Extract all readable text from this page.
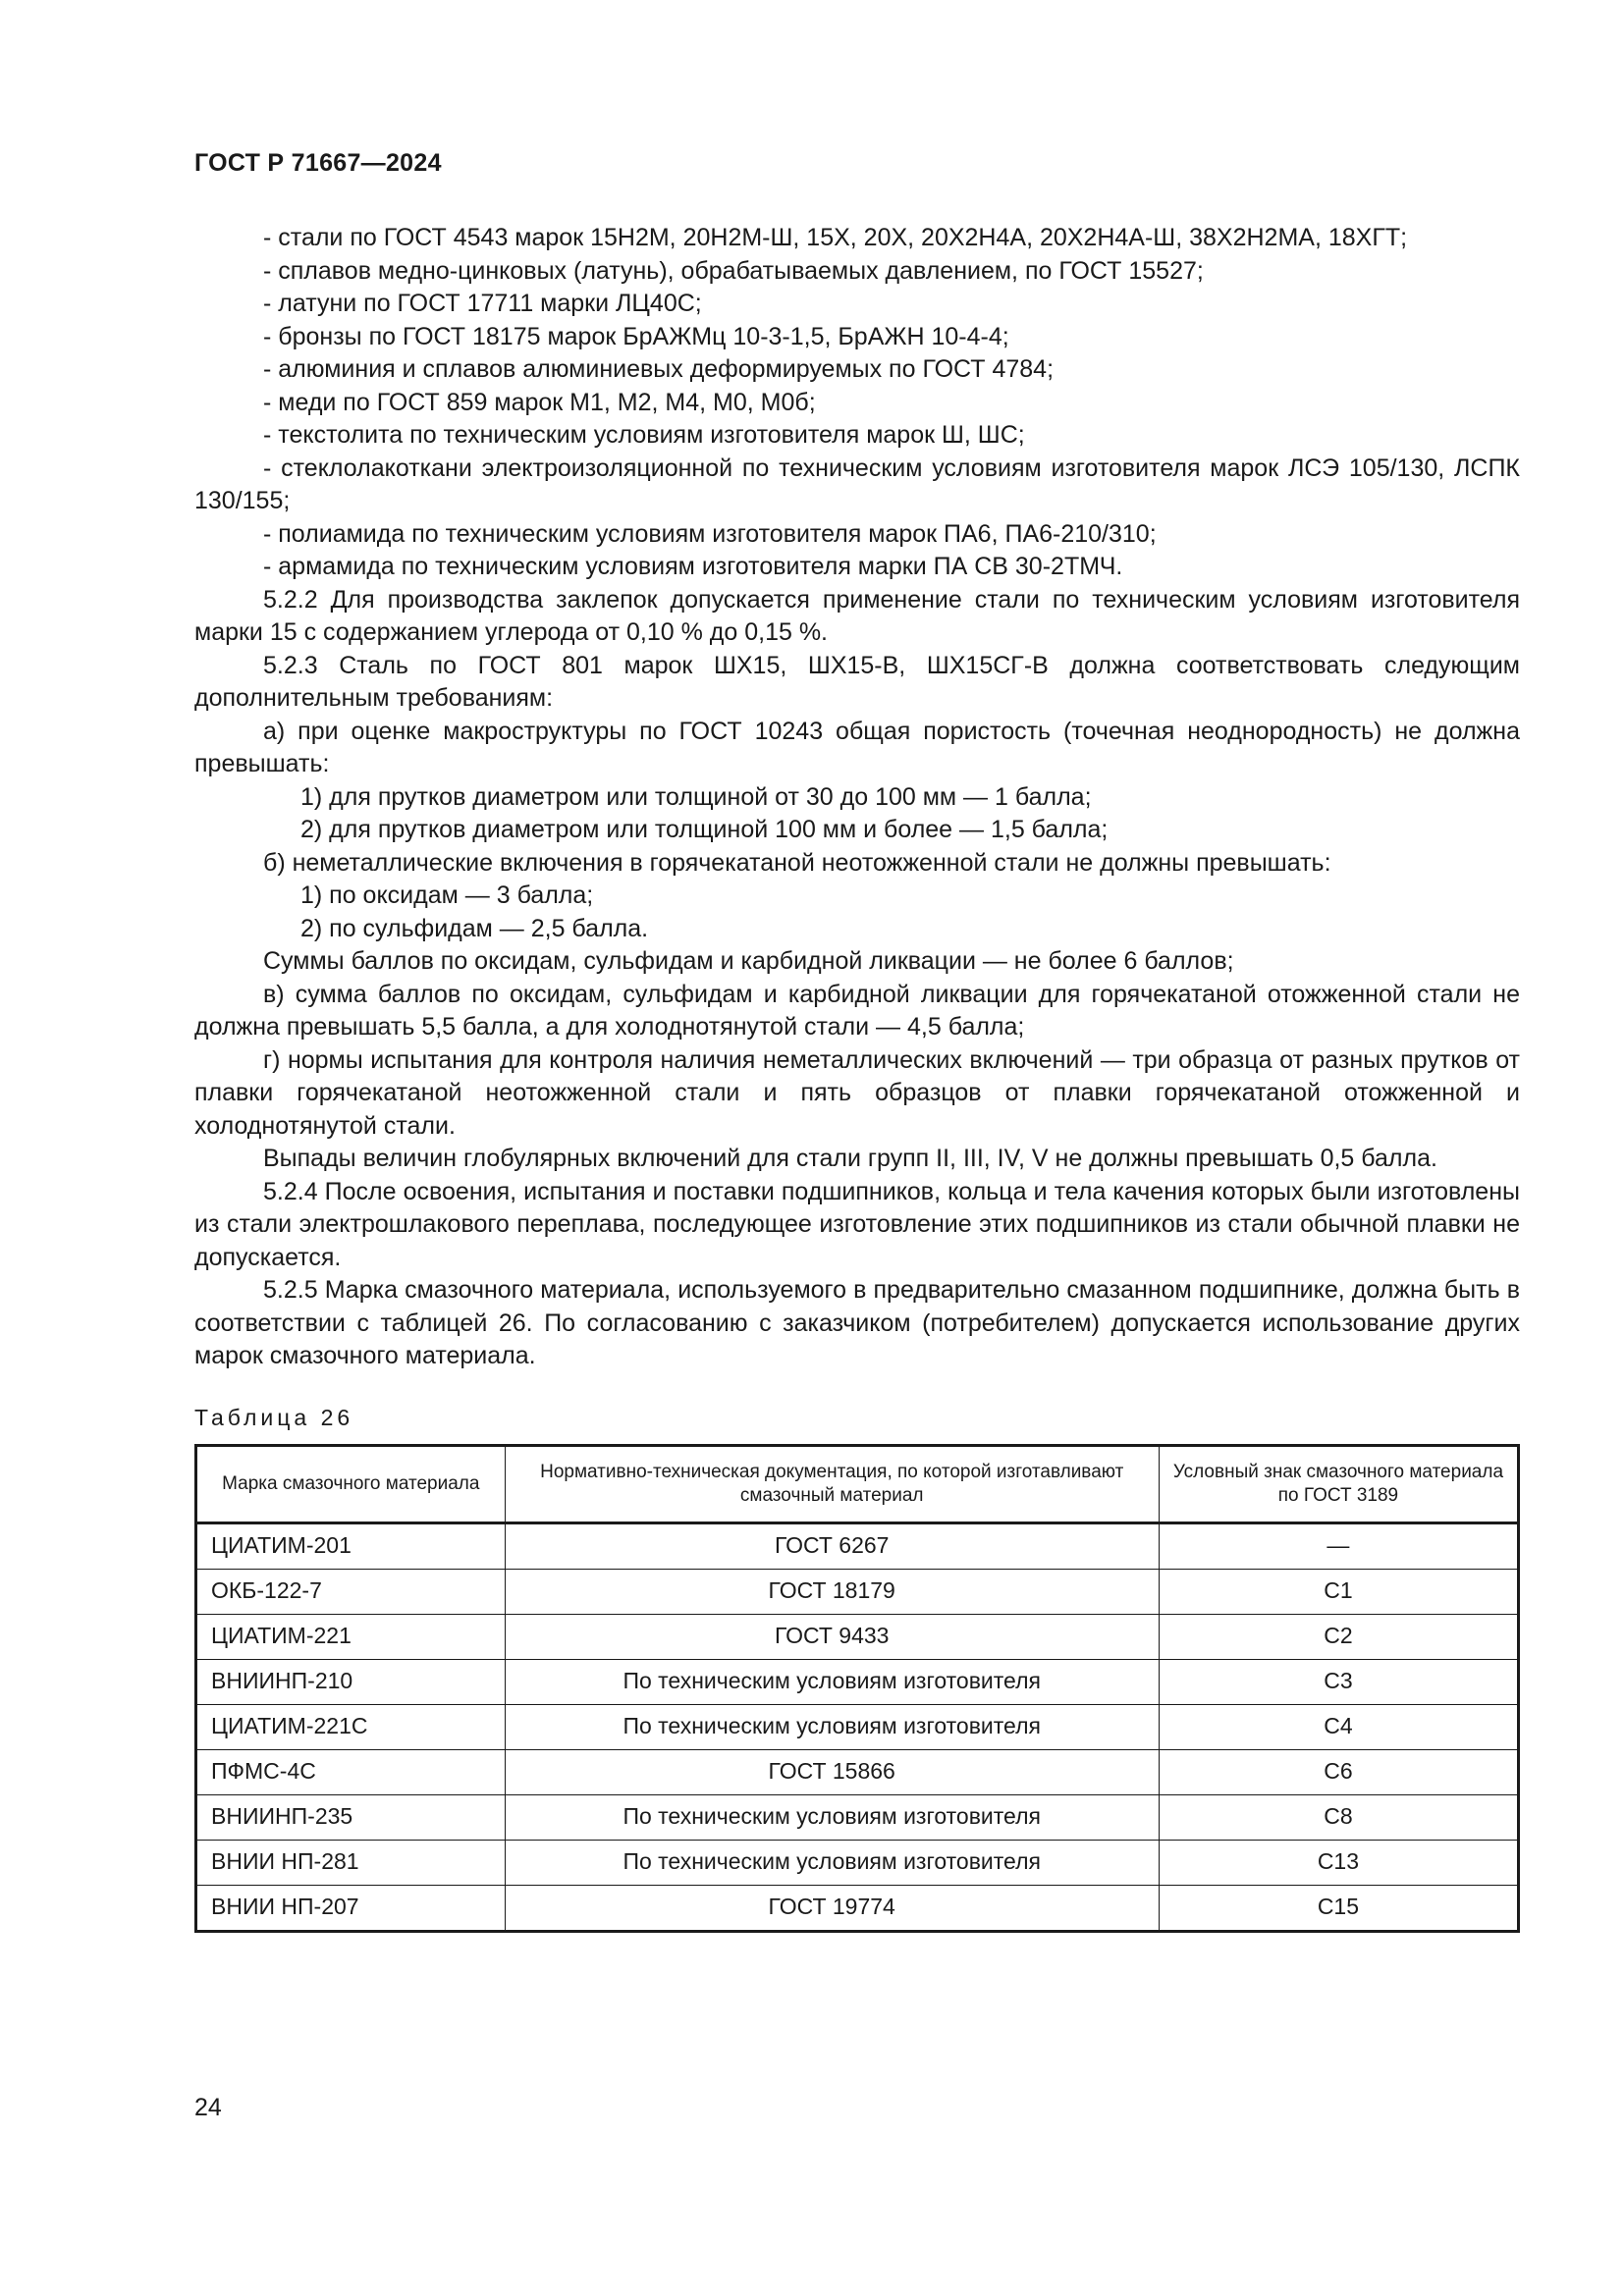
ГОСТ Р 71667—2024

- стали по ГОСТ 4543 марок 15Н2М, 20Н2М-Ш, 15Х, 20Х, 20Х2Н4А, 20Х2Н4А-Ш, 38Х2Н2МА, 18ХГТ;

- сплавов медно-цинковых (латунь), обрабатываемых давлением, по ГОСТ 15527;

- латуни по ГОСТ 17711 марки ЛЦ40С;

- бронзы по ГОСТ 18175 марок БрАЖМц 10-3-1,5, БрАЖН 10-4-4;

- алюминия и сплавов алюминиевых деформируемых по ГОСТ 4784;

- меди по ГОСТ 859 марок М1, М2, М4, М0, М0б;

- текстолита по техническим условиям изготовителя марок Ш, ШС;

- стеклолакоткани электроизоляционной по техническим условиям изготовителя марок ЛСЭ 105/130, ЛСПК 130/155;

- полиамида по техническим условиям изготовителя марок ПА6, ПА6-210/310;

- армамида по техническим условиям изготовителя марки ПА СВ 30-2ТМЧ.

5.2.2 Для производства заклепок допускается применение стали по техническим условиям изготовителя марки 15 с содержанием углерода от 0,10 % до 0,15 %.

5.2.3 Сталь по ГОСТ 801 марок ШХ15, ШХ15-В, ШХ15СГ-В должна соответствовать следующим дополнительным требованиям:

а) при оценке макроструктуры по ГОСТ 10243 общая пористость (точечная неоднородность) не должна превышать:

1) для прутков диаметром или толщиной от 30 до 100 мм — 1 балла;

2) для прутков диаметром или толщиной 100 мм и более — 1,5 балла;

б) неметаллические включения в горячекатаной неотожженной стали не должны превышать:

1) по оксидам — 3 балла;

2) по сульфидам — 2,5 балла.

Суммы баллов по оксидам, сульфидам и карбидной ликвации — не более 6 баллов;

в) сумма баллов по оксидам, сульфидам и карбидной ликвации для горячекатаной отожженной стали не должна превышать 5,5 балла, а для холоднотянутой стали — 4,5 балла;

г) нормы испытания для контроля наличия неметаллических включений — три образца от разных прутков от плавки горячекатаной неотожженной стали и пять образцов от плавки горячекатаной отожженной и холоднотянутой стали.

Выпады величин глобулярных включений для стали групп II, III, IV, V не должны превышать 0,5 балла.

5.2.4 После освоения, испытания и поставки подшипников, кольца и тела качения которых были изготовлены из стали электрошлакового переплава, последующее изготовление этих подшипников из стали обычной плавки не допускается.

5.2.5 Марка смазочного материала, используемого в предварительно смазанном подшипнике, должна быть в соответствии с таблицей 26. По согласованию с заказчиком (потребителем) допускается использование других марок смазочного материала.

Таблица 26
Марка смазочного материала	Нормативно-техническая документация, по которой изготавливают смазочный материал	Условный знак смазочного материала по ГОСТ 3189
ЦИАТИМ-201	ГОСТ 6267	—
ОКБ-122-7	ГОСТ 18179	С1
ЦИАТИМ-221	ГОСТ 9433	С2
ВНИИНП-210	По техническим условиям изготовителя	С3
ЦИАТИМ-221С	По техническим условиям изготовителя	С4
ПФМС-4С	ГОСТ 15866	С6
ВНИИНП-235	По техническим условиям изготовителя	С8
ВНИИ НП-281	По техническим условиям изготовителя	С13
ВНИИ НП-207	ГОСТ 19774	С15
24
